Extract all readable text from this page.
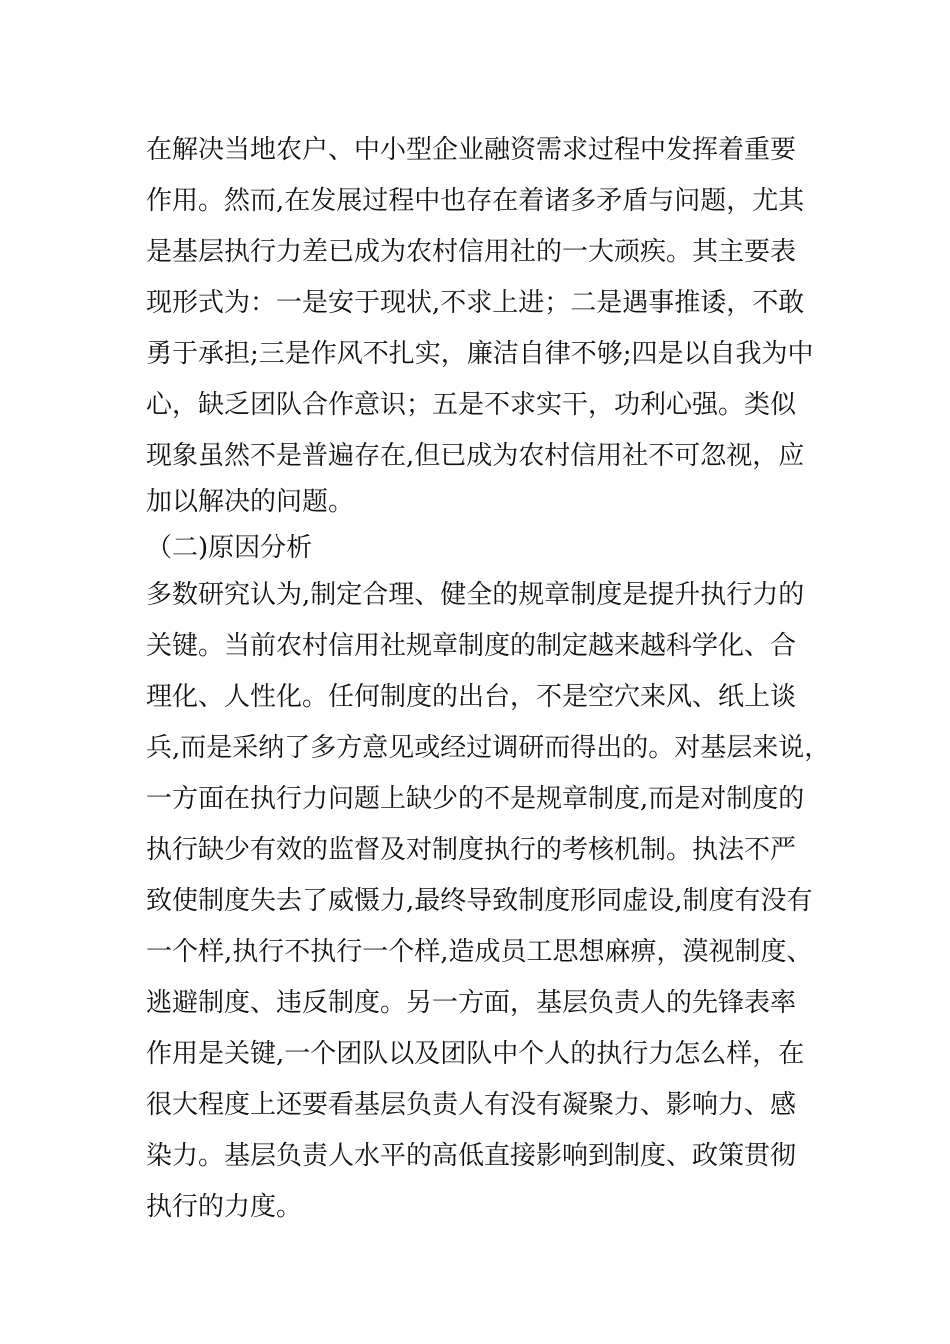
在解决当地农户、中小型企业融资需求过程中发挥着重要

作用。然而,在发展过程中也存在着诸多矛盾与问题，尤其

是基层执行力差已成为农村信用社的一大顽疾。其主要表

现形式为：一是安于现状,不求上进；二是遇事推诿，不敢

勇于承担;三是作风不扎实，廉洁自律不够;四是以自我为中

心，缺乏团队合作意识；五是不求实干，功利心强。类似

现象虽然不是普遍存在,但已成为农村信用社不可忽视，应

加以解决的问题。

（二)原因分析

多数研究认为,制定合理、健全的规章制度是提升执行力的

关键。当前农村信用社规章制度的制定越来越科学化、合

理化、人性化。任何制度的出台，不是空穴来风、纸上谈

兵,而是采纳了多方意见或经过调研而得出的。对基层来说，

一方面在执行力问题上缺少的不是规章制度,而是对制度的

执行缺少有效的监督及对制度执行的考核机制。执法不严

致使制度失去了威慑力,最终导致制度形同虚设,制度有没有

一个样,执行不执行一个样,造成员工思想麻痹，漠视制度、

逃避制度、违反制度。另一方面，基层负责人的先锋表率

作用是关键,一个团队以及团队中个人的执行力怎么样，在

很大程度上还要看基层负责人有没有凝聚力、影响力、感

染力。基层负责人水平的高低直接影响到制度、政策贯彻

执行的力度。
